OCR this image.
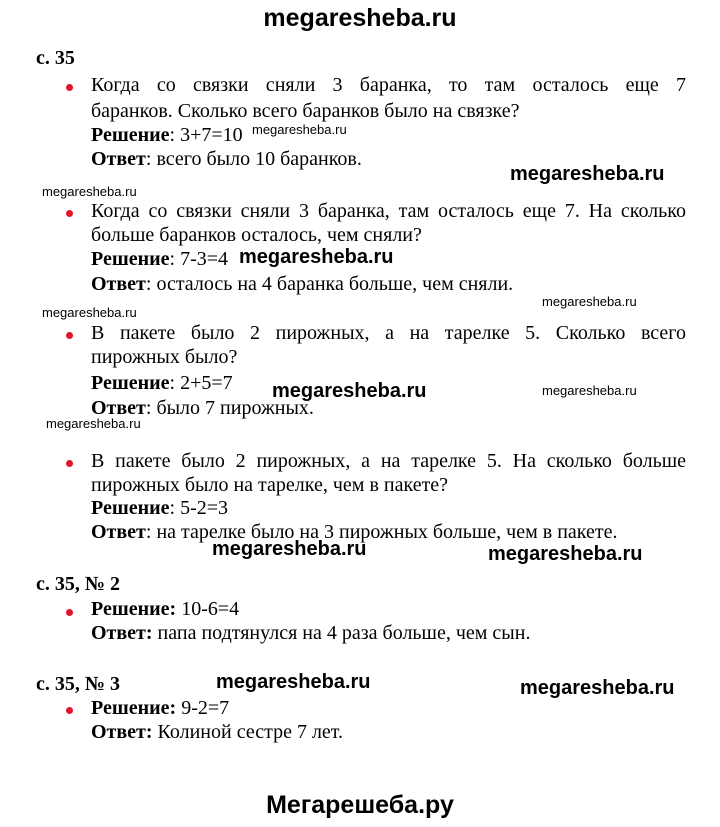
megaresheba.ru
с. 35
Когда со связки сняли 3 баранка, то там осталось еще 7
баранков. Сколько всего баранков было на связке?
Решение: 3+7=10
Ответ: всего было 10 баранков.
Когда со связки сняли 3 баранка, там осталось еще 7. На сколько
больше баранков осталось, чем сняли?
Решение: 7-3=4
Ответ: осталось на 4 баранка больше, чем сняли.
В пакете было 2 пирожных, а на тарелке 5. Сколько всего
пирожных было?
Решение: 2+5=7
Ответ: было 7 пирожных.
В пакете было 2 пирожных, а на тарелке 5. На сколько больше
пирожных было на тарелке, чем в пакете?
Решение: 5-2=3
Ответ: на тарелке было на 3 пирожных больше, чем в пакете.
с. 35, № 2
Решение: 10-6=4
Ответ: папа подтянулся на 4 раза больше, чем сын.
с. 35, № 3
Решение: 9-2=7
Ответ: Колиной сестре 7 лет.
megaresheba.ru
megaresheba.ru
megaresheba.ru
megaresheba.ru
megaresheba.ru
megaresheba.ru
megaresheba.ru	megaresheba.ru
megaresheba.ru
megaresheba.ru	megaresheba.ru
megaresheba.ru	megaresheba.ru
Мегарешеба.ру
